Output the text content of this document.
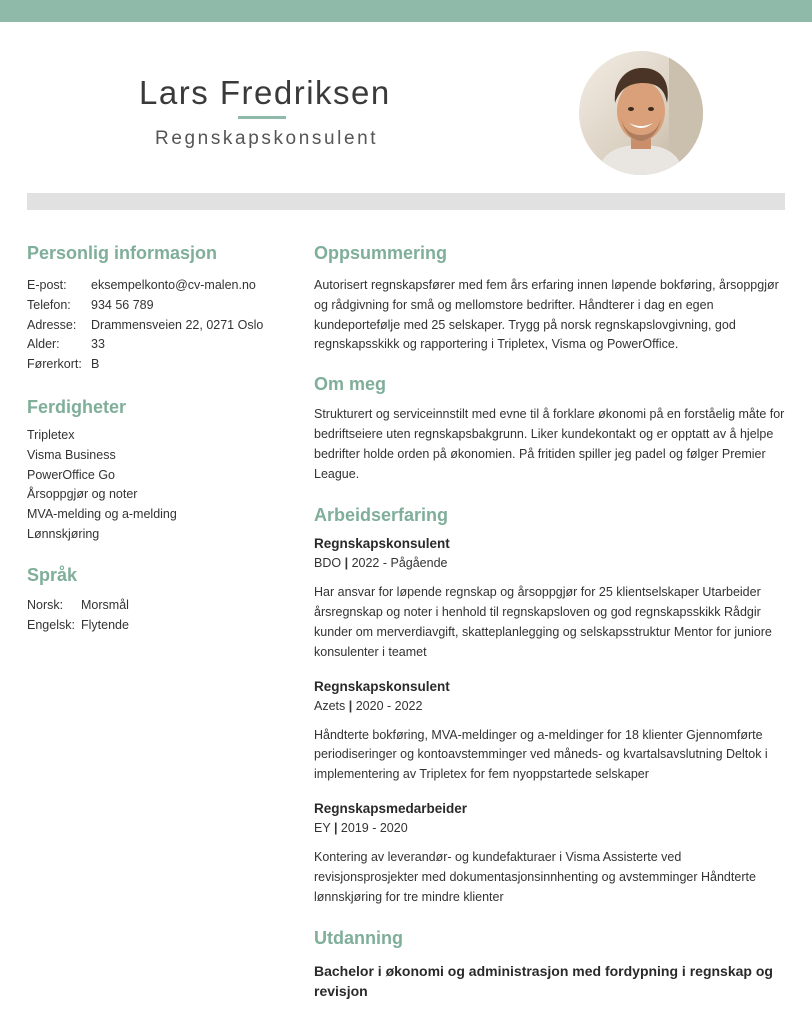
Lars Fredriksen
Regnskapskonsulent
Personlig informasjon
E-post:	eksempelkonto@cv-malen.no
Telefon:	934 56 789
Adresse:	Drammensveien 22, 0271 Oslo
Alder:	33
Førerkort: B
Ferdigheter
Tripletex
Visma Business
PowerOffice Go
Årsoppgjør og noter
MVA-melding og a-melding
Lønnskjøring
Språk
Norsk:	Morsmål
Engelsk: Flytende
Oppsummering

Autorisert regnskapsfører med fem års erfaring innen løpende bokføring, årsoppgjør og rådgivning for små og mellomstore bedrifter. Håndterer i dag en egen kundeportefølje med 25 selskaper. Trygg på norsk regnskapslovgivning, god regnskapsskikk og rapportering i Tripletex, Visma og PowerOffice.

Om meg

Strukturert og serviceinnstilt med evne til å forklare økonomi på en forståelig måte for bedriftseiere uten regnskapsbakgrunn. Liker kundekontakt og er opptatt av å hjelpe bedrifter holde orden på økonomien. På fritiden spiller jeg padel og følger Premier League.

Arbeidserfaring
Regnskapskonsulent
BDO | 2022 - Pågående

Har ansvar for løpende regnskap og årsoppgjør for 25 klientselskaper Utarbeider årsregnskap og noter i henhold til regnskapsloven og god regnskapsskikk Rådgir kunder om merverdiavgift, skatteplanlegging og selskapsstruktur Mentor for juniore konsulenter i teamet

Regnskapskonsulent
Azets | 2020 - 2022

Håndterte bokføring, MVA-meldinger og a-meldinger for 18 klienter Gjennomførte periodiseringer og kontoavstemminger ved måneds- og kvartalsavslutning Deltok i implementering av Tripletex for fem nyoppstartede selskaper

Regnskapsmedarbeider
EY | 2019 - 2020

Kontering av leverandør- og kundefakturaer i Visma Assisterte ved revisjonsprosjekter med dokumentasjonsinnhenting og avstemminger Håndterte lønnskjøring for tre mindre klienter

Utdanning
Bachelor i økonomi og administrasjon med fordypning i regnskap og revisjon
